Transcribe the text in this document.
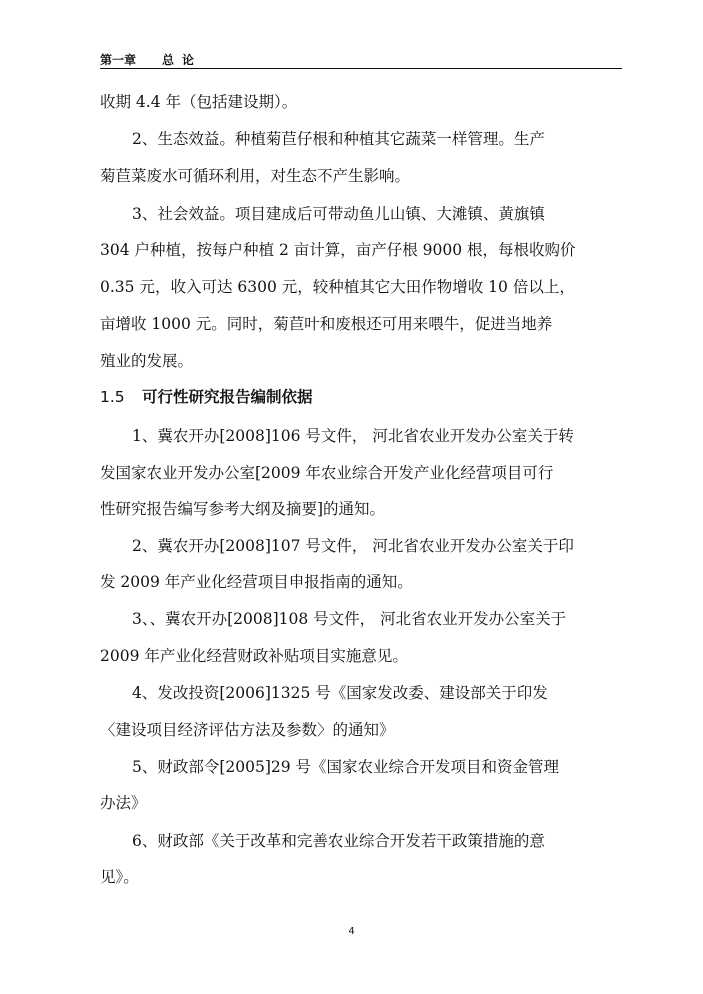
第一章 总论
收期 4.4 年（包括建设期）。
2、生态效益。种植菊苣仔根和种植其它蔬菜一样管理。生产
菊苣菜废水可循环利用，对生态不产生影响。
3、社会效益。项目建成后可带动鱼儿山镇、大滩镇、黄旗镇
304 户种植，按每户种植 2 亩计算，亩产仔根 9000 根，每根收购价
0.35 元，收入可达 6300 元，较种植其它大田作物增收 10 倍以上，
亩增收 1000 元。同时，菊苣叶和废根还可用来喂牛，促进当地养
殖业的发展。
1.5 可行性研究报告编制依据
1、冀农开办[2008]106 号文件， 河北省农业开发办公室关于转
发国家农业开发办公室[2009 年农业综合开发产业化经营项目可行
性研究报告编写参考大纲及摘要]的通知。
2、冀农开办[2008]107 号文件， 河北省农业开发办公室关于印
发 2009 年产业化经营项目申报指南的通知。
3、、冀农开办[2008]108 号文件， 河北省农业开发办公室关于
2009 年产业化经营财政补贴项目实施意见。
4、发改投资[2006]1325 号《国家发改委、建设部关于印发
〈建设项目经济评估方法及参数〉的通知》
5、财政部令[2005]29 号《国家农业综合开发项目和资金管理
办法》
6、财政部《关于改革和完善农业综合开发若干政策措施的意
见》。
4
